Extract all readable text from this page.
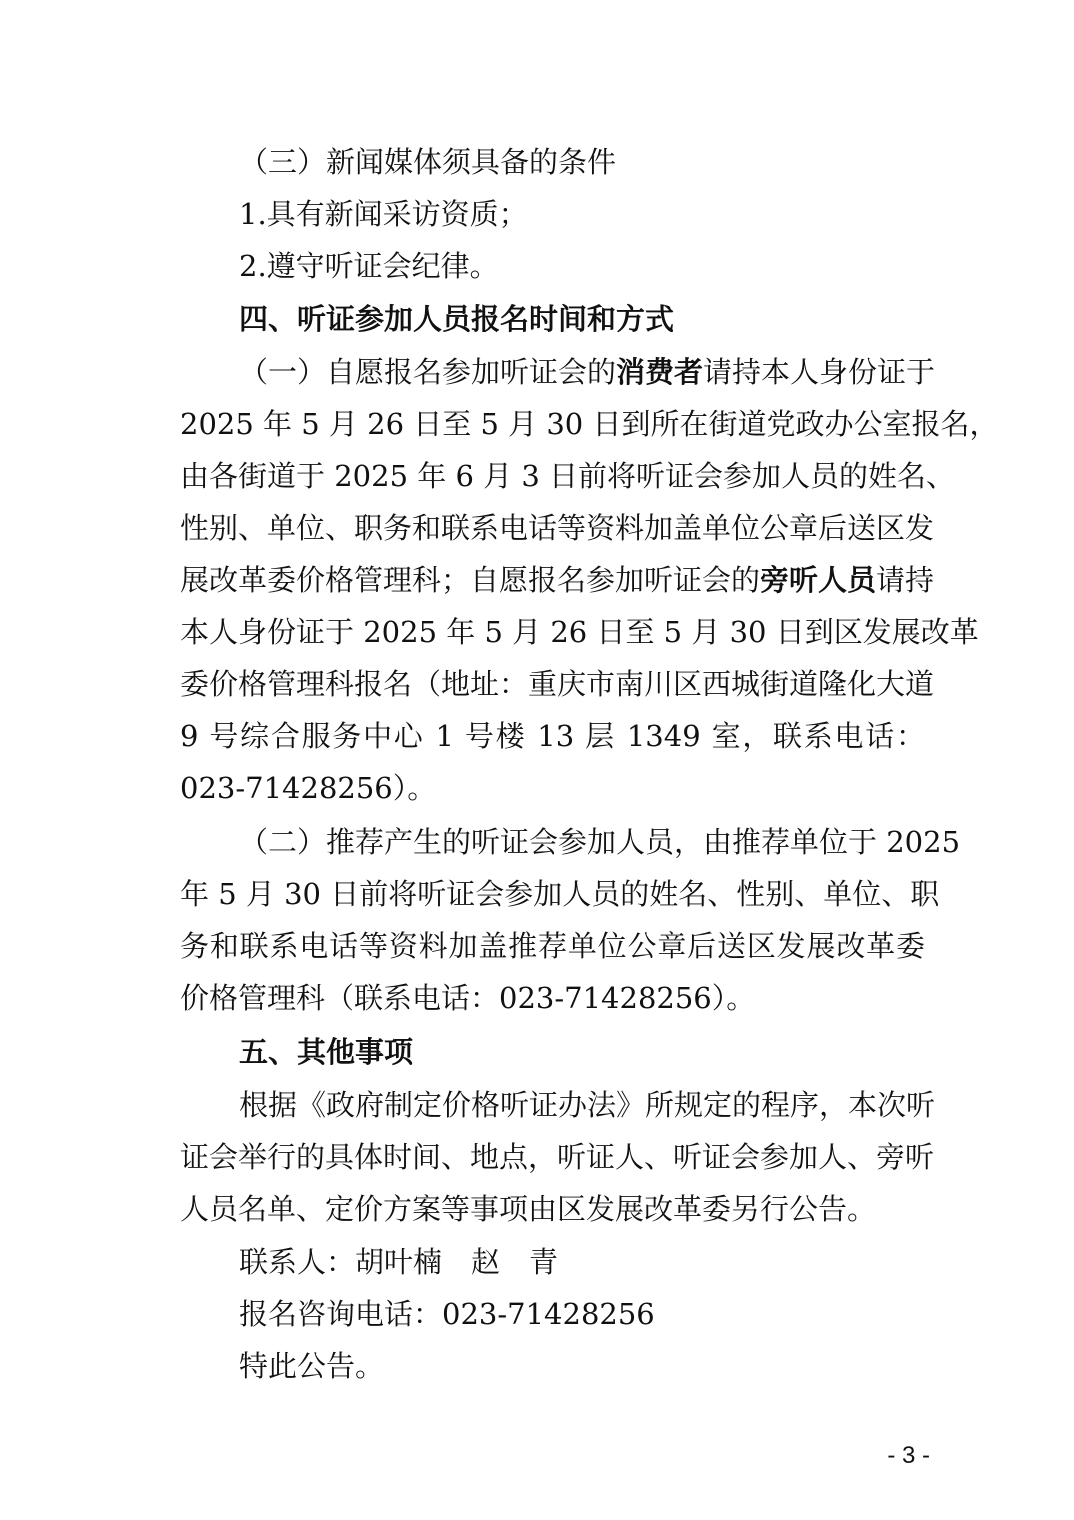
（三）新闻媒体须具备的条件
1.具有新闻采访资质；
2.遵守听证会纪律。
四、听证参加人员报名时间和方式
（一）自愿报名参加听证会的消费者请持本人身份证于
2025 年 5 月 26 日至 5 月 30 日到所在街道党政办公室报名，
由各街道于 2025 年 6 月 3 日前将听证会参加人员的姓名、
性别、单位、职务和联系电话等资料加盖单位公章后送区发
展改革委价格管理科；自愿报名参加听证会的旁听人员请持
本人身份证于 2025 年 5 月 26 日至 5 月 30 日到区发展改革
委价格管理科报名（地址：重庆市南川区西城街道隆化大道
9 号综合服务中心 1 号楼 13 层 1349 室，联系电话：
023-71428256）。
（二）推荐产生的听证会参加人员，由推荐单位于 2025
年 5 月 30 日前将听证会参加人员的姓名、性别、单位、职
务和联系电话等资料加盖推荐单位公章后送区发展改革委
价格管理科（联系电话：023-71428256）。
五、其他事项
根据《政府制定价格听证办法》所规定的程序，本次听
证会举行的具体时间、地点，听证人、听证会参加人、旁听
人员名单、定价方案等事项由区发展改革委另行公告。
联系人：胡叶楠　赵　青
报名咨询电话：023-71428256
特此公告。
- 3 -
